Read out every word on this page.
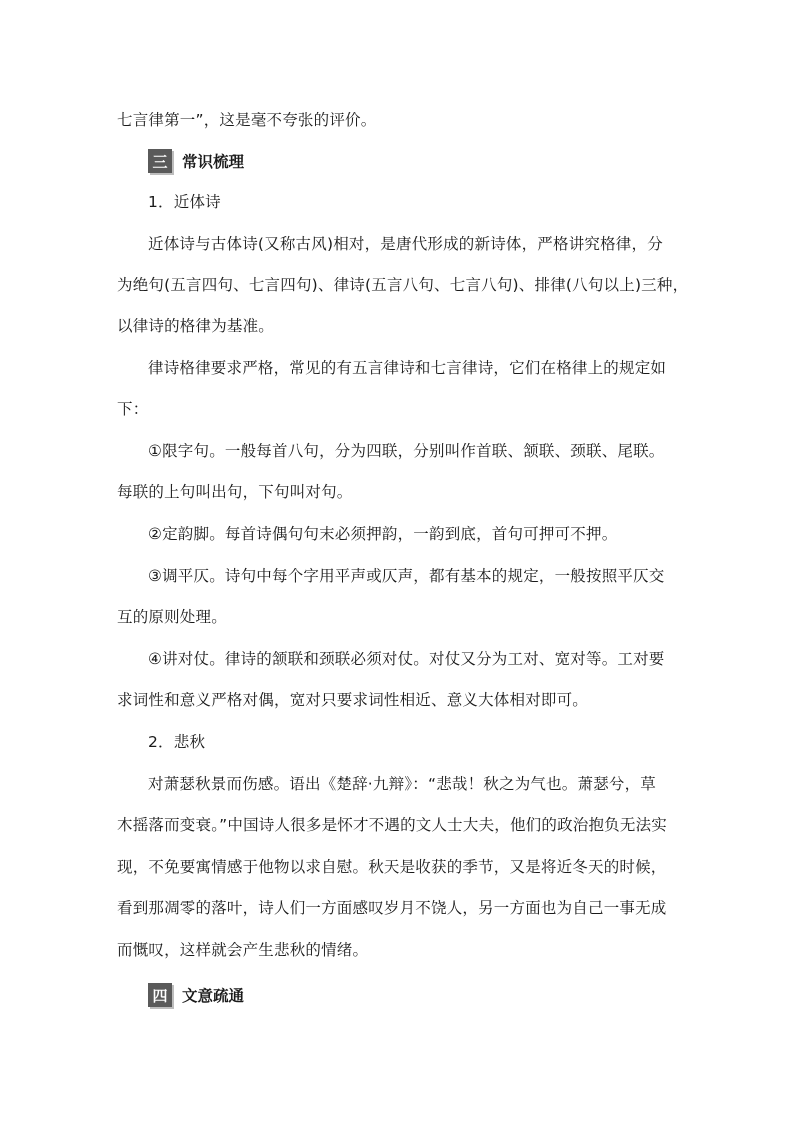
七言律第一”，这是毫不夸张的评价。
三 常识梳理
1．近体诗
近体诗与古体诗(又称古风)相对，是唐代形成的新诗体，严格讲究格律，分
为绝句(五言四句、七言四句)、律诗(五言八句、七言八句)、排律(八句以上)三种，
以律诗的格律为基准。
律诗格律要求严格，常见的有五言律诗和七言律诗，它们在格律上的规定如
下：
①限字句。一般每首八句，分为四联，分别叫作首联、颔联、颈联、尾联。
每联的上句叫出句，下句叫对句。
②定韵脚。每首诗偶句句末必须押韵，一韵到底，首句可押可不押。
③调平仄。诗句中每个字用平声或仄声，都有基本的规定，一般按照平仄交
互的原则处理。
④讲对仗。律诗的颔联和颈联必须对仗。对仗又分为工对、宽对等。工对要
求词性和意义严格对偶，宽对只要求词性相近、意义大体相对即可。
2．悲秋
对萧瑟秋景而伤感。语出《楚辞·九辩》：“悲哉！秋之为气也。萧瑟兮，草
木摇落而变衰。”中国诗人很多是怀才不遇的文人士大夫，他们的政治抱负无法实
现，不免要寓情感于他物以求自慰。秋天是收获的季节，又是将近冬天的时候，
看到那凋零的落叶，诗人们一方面感叹岁月不饶人，另一方面也为自己一事无成
而慨叹，这样就会产生悲秋的情绪。
四 文意疏通
